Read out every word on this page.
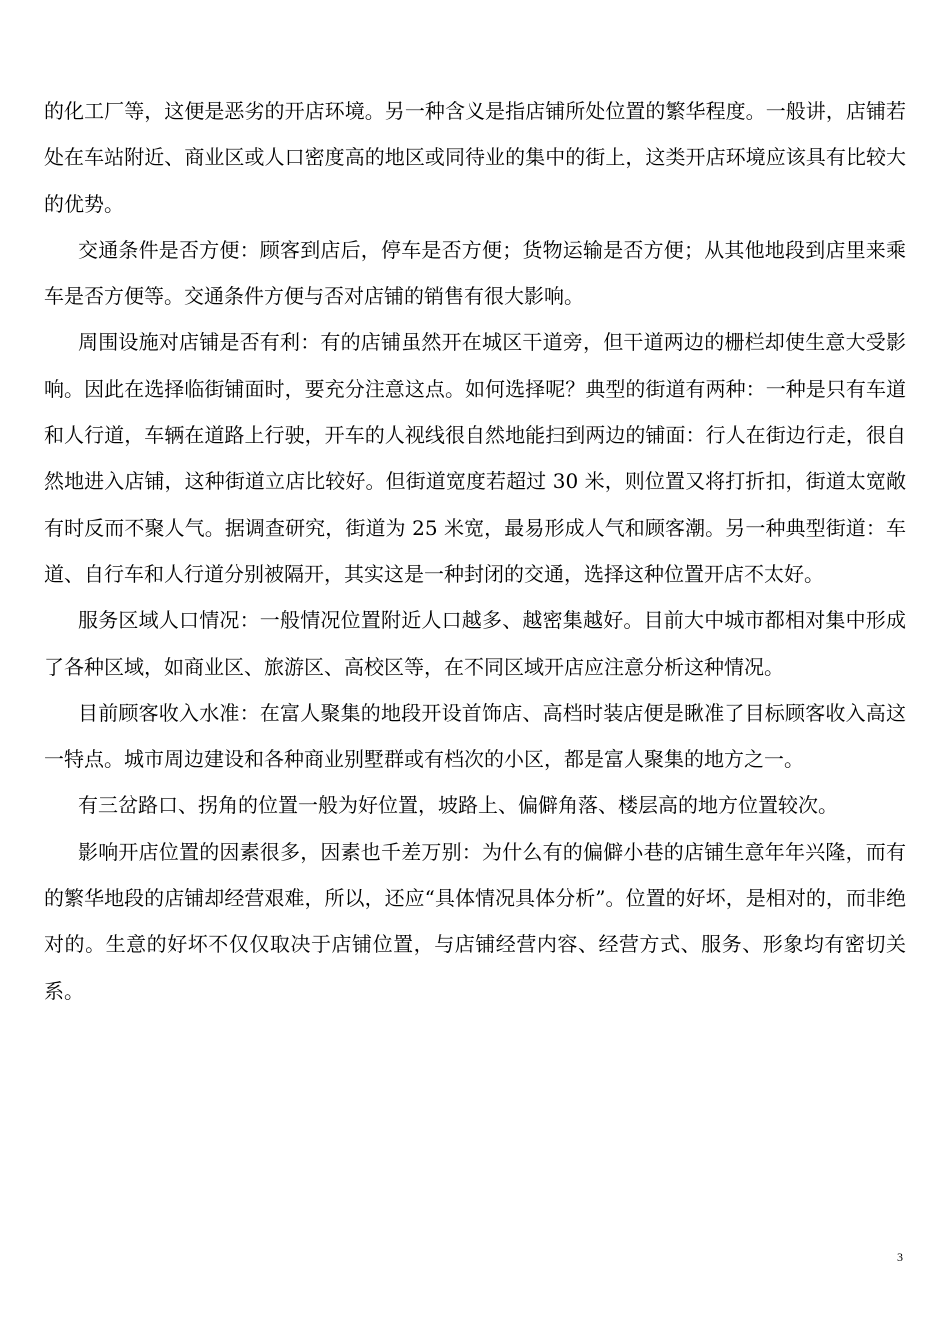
的化工厂等，这便是恶劣的开店环境。另一种含义是指店铺所处位置的繁华程度。一般讲，店铺若处在车站附近、商业区或人口密度高的地区或同待业的集中的街上，这类开店环境应该具有比较大的优势。

交通条件是否方便：顾客到店后，停车是否方便；货物运输是否方便；从其他地段到店里来乘车是否方便等。交通条件方便与否对店铺的销售有很大影响。

周围设施对店铺是否有利：有的店铺虽然开在城区干道旁，但干道两边的栅栏却使生意大受影响。因此在选择临街铺面时，要充分注意这点。如何选择呢？典型的街道有两种：一种是只有车道和人行道，车辆在道路上行驶，开车的人视线很自然地能扫到两边的铺面：行人在街边行走，很自然地进入店铺，这种街道立店比较好。但街道宽度若超过 30 米，则位置又将打折扣，街道太宽敞有时反而不聚人气。据调查研究，街道为 25 米宽，最易形成人气和顾客潮。另一种典型街道：车道、自行车和人行道分别被隔开，其实这是一种封闭的交通，选择这种位置开店不太好。

服务区域人口情况：一般情况位置附近人口越多、越密集越好。目前大中城市都相对集中形成了各种区域，如商业区、旅游区、高校区等，在不同区域开店应注意分析这种情况。

目前顾客收入水准：在富人聚集的地段开设首饰店、高档时装店便是瞅准了目标顾客收入高这一特点。城市周边建设和各种商业别墅群或有档次的小区，都是富人聚集的地方之一。

有三岔路口、拐角的位置一般为好位置，坡路上、偏僻角落、楼层高的地方位置较次。

影响开店位置的因素很多，因素也千差万别：为什么有的偏僻小巷的店铺生意年年兴隆，而有的繁华地段的店铺却经营艰难，所以，还应“具体情况具体分析”。位置的好坏，是相对的，而非绝对的。生意的好坏不仅仅取决于店铺位置，与店铺经营内容、经营方式、服务、形象均有密切关系。

3
